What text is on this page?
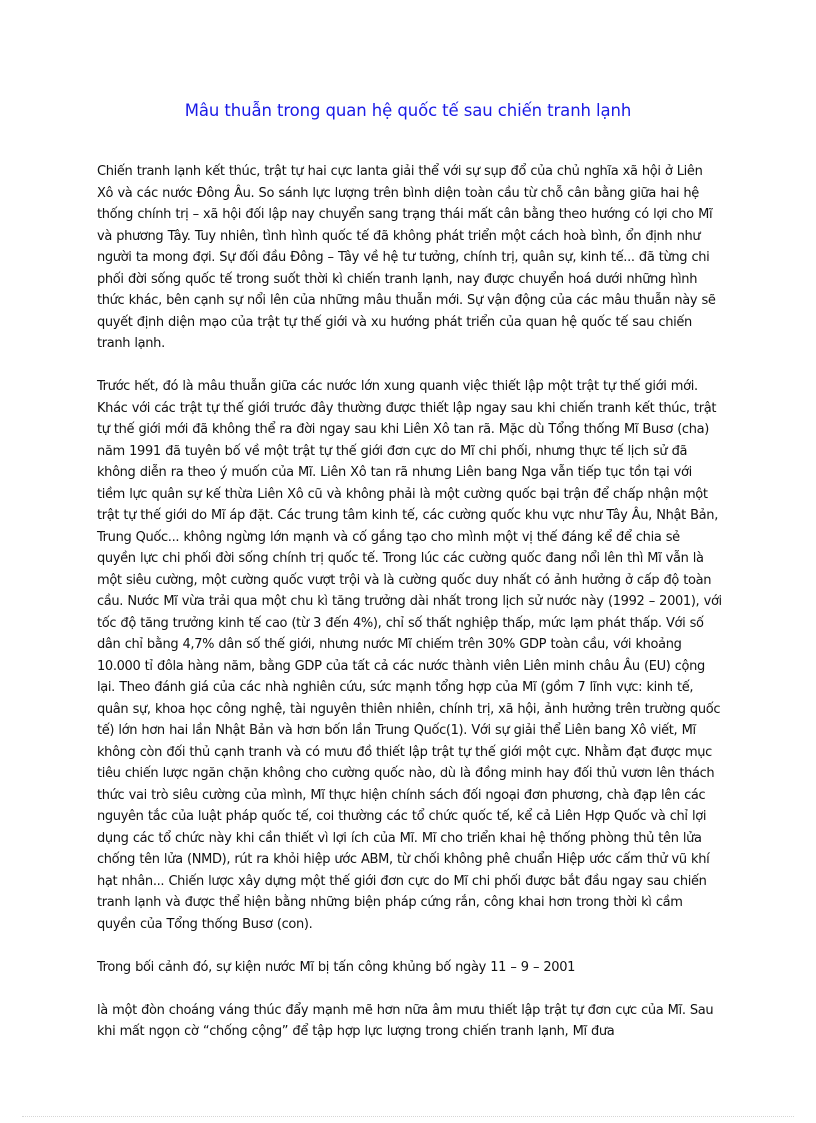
Mâu thuẫn trong quan hệ quốc tế sau chiến tranh lạnh

Chiến tranh lạnh kết thúc, trật tự hai cực Ianta giải thể với sự sụp đổ của chủ nghĩa xã hội ở Liên Xô và các nước Đông Âu. So sánh lực lượng trên bình diện toàn cầu từ chỗ cân bằng giữa hai hệ thống chính trị – xã hội đối lập nay chuyển sang trạng thái mất cân bằng theo hướng có lợi cho Mĩ và phương Tây. Tuy nhiên, tình hình quốc tế đã không phát triển một cách hoà bình, ổn định như người ta mong đợi. Sự đối đầu Đông – Tây về hệ tư tưởng, chính trị, quân sự, kinh tế... đã từng chi phối đời sống quốc tế trong suốt thời kì chiến tranh lạnh, nay được chuyển hoá dưới những hình thức khác, bên cạnh sự nổi lên của những mâu thuẫn mới. Sự vận động của các mâu thuẫn này sẽ quyết định diện mạo của trật tự thế giới và xu hướng phát triển của quan hệ quốc tế sau chiến tranh lạnh.

Trước hết, đó là mâu thuẫn giữa các nước lớn xung quanh việc thiết lập một trật tự thế giới mới. Khác với các trật tự thế giới trước đây thường được thiết lập ngay sau khi chiến tranh kết thúc, trật tự thế giới mới đã không thể ra đời ngay sau khi Liên Xô tan rã. Mặc dù Tổng thống Mĩ Busơ (cha) năm 1991 đã tuyên bố về một trật tự thế giới đơn cực do Mĩ chi phối, nhưng thực tế lịch sử đã không diễn ra theo ý muốn của Mĩ. Liên Xô tan rã nhưng Liên bang Nga vẫn tiếp tục tồn tại với tiềm lực quân sự kế thừa Liên Xô cũ và không phải là một cường quốc bại trận để chấp nhận một trật tự thế giới do Mĩ áp đặt. Các trung tâm kinh tế, các cường quốc khu vực như Tây Âu, Nhật Bản, Trung Quốc... không ngừng lớn mạnh và cố gắng tạo cho mình một vị thế đáng kể để chia sẻ quyền lực chi phối đời sống chính trị quốc tế. Trong lúc các cường quốc đang nổi lên thì Mĩ vẫn là một siêu cường, một cường quốc vượt trội và là cường quốc duy nhất có ảnh hưởng ở cấp độ toàn cầu. Nước Mĩ vừa trải qua một chu kì tăng trưởng dài nhất trong lịch sử nước này (1992 – 2001), với tốc độ tăng trưởng kinh tế cao (từ 3 đến 4%), chỉ số thất nghiệp thấp, mức lạm phát thấp. Với số dân chỉ bằng 4,7% dân số thế giới, nhưng nước Mĩ chiếm trên 30% GDP toàn cầu, với khoảng 10.000 tỉ đôla hàng năm, bằng GDP của tất cả các nước thành viên Liên minh châu Âu (EU) cộng lại. Theo đánh giá của các nhà nghiên cứu, sức mạnh tổng hợp của Mĩ (gồm 7 lĩnh vực: kinh tế, quân sự, khoa học công nghệ, tài nguyên thiên nhiên, chính trị, xã hội, ảnh hưởng trên trường quốc tế) lớn hơn hai lần Nhật Bản và hơn bốn lần Trung Quốc(1). Với sự giải thể Liên bang Xô viết, Mĩ không còn đối thủ cạnh tranh và có mưu đồ thiết lập trật tự thế giới một cực. Nhằm đạt được mục tiêu chiến lược ngăn chặn không cho cường quốc nào, dù là đồng minh hay đối thủ vươn lên thách thức vai trò siêu cường của mình, Mĩ thực hiện chính sách đối ngoại đơn phương, chà đạp lên các nguyên tắc của luật pháp quốc tế, coi thường các tổ chức quốc tế, kể cả Liên Hợp Quốc và chỉ lợi dụng các tổ chức này khi cần thiết vì lợi ích của Mĩ. Mĩ cho triển khai hệ thống phòng thủ tên lửa chống tên lửa (NMD), rút ra khỏi hiệp ước ABM, từ chối không phê chuẩn Hiệp ước cấm thử vũ khí hạt nhân... Chiến lược xây dựng một thế giới đơn cực do Mĩ chi phối được bắt đầu ngay sau chiến tranh lạnh và được thể hiện bằng những biện pháp cứng rắn, công khai hơn trong thời kì cầm quyền của Tổng thống Busơ (con).

Trong bối cảnh đó, sự kiện nước Mĩ bị tấn công khủng bố ngày 11 – 9 – 2001

là một đòn choáng váng thúc đẩy mạnh mẽ hơn nữa âm mưu thiết lập trật tự đơn cực của Mĩ. Sau khi mất ngọn cờ “chống cộng” để tập hợp lực lượng trong chiến tranh lạnh, Mĩ đưa
